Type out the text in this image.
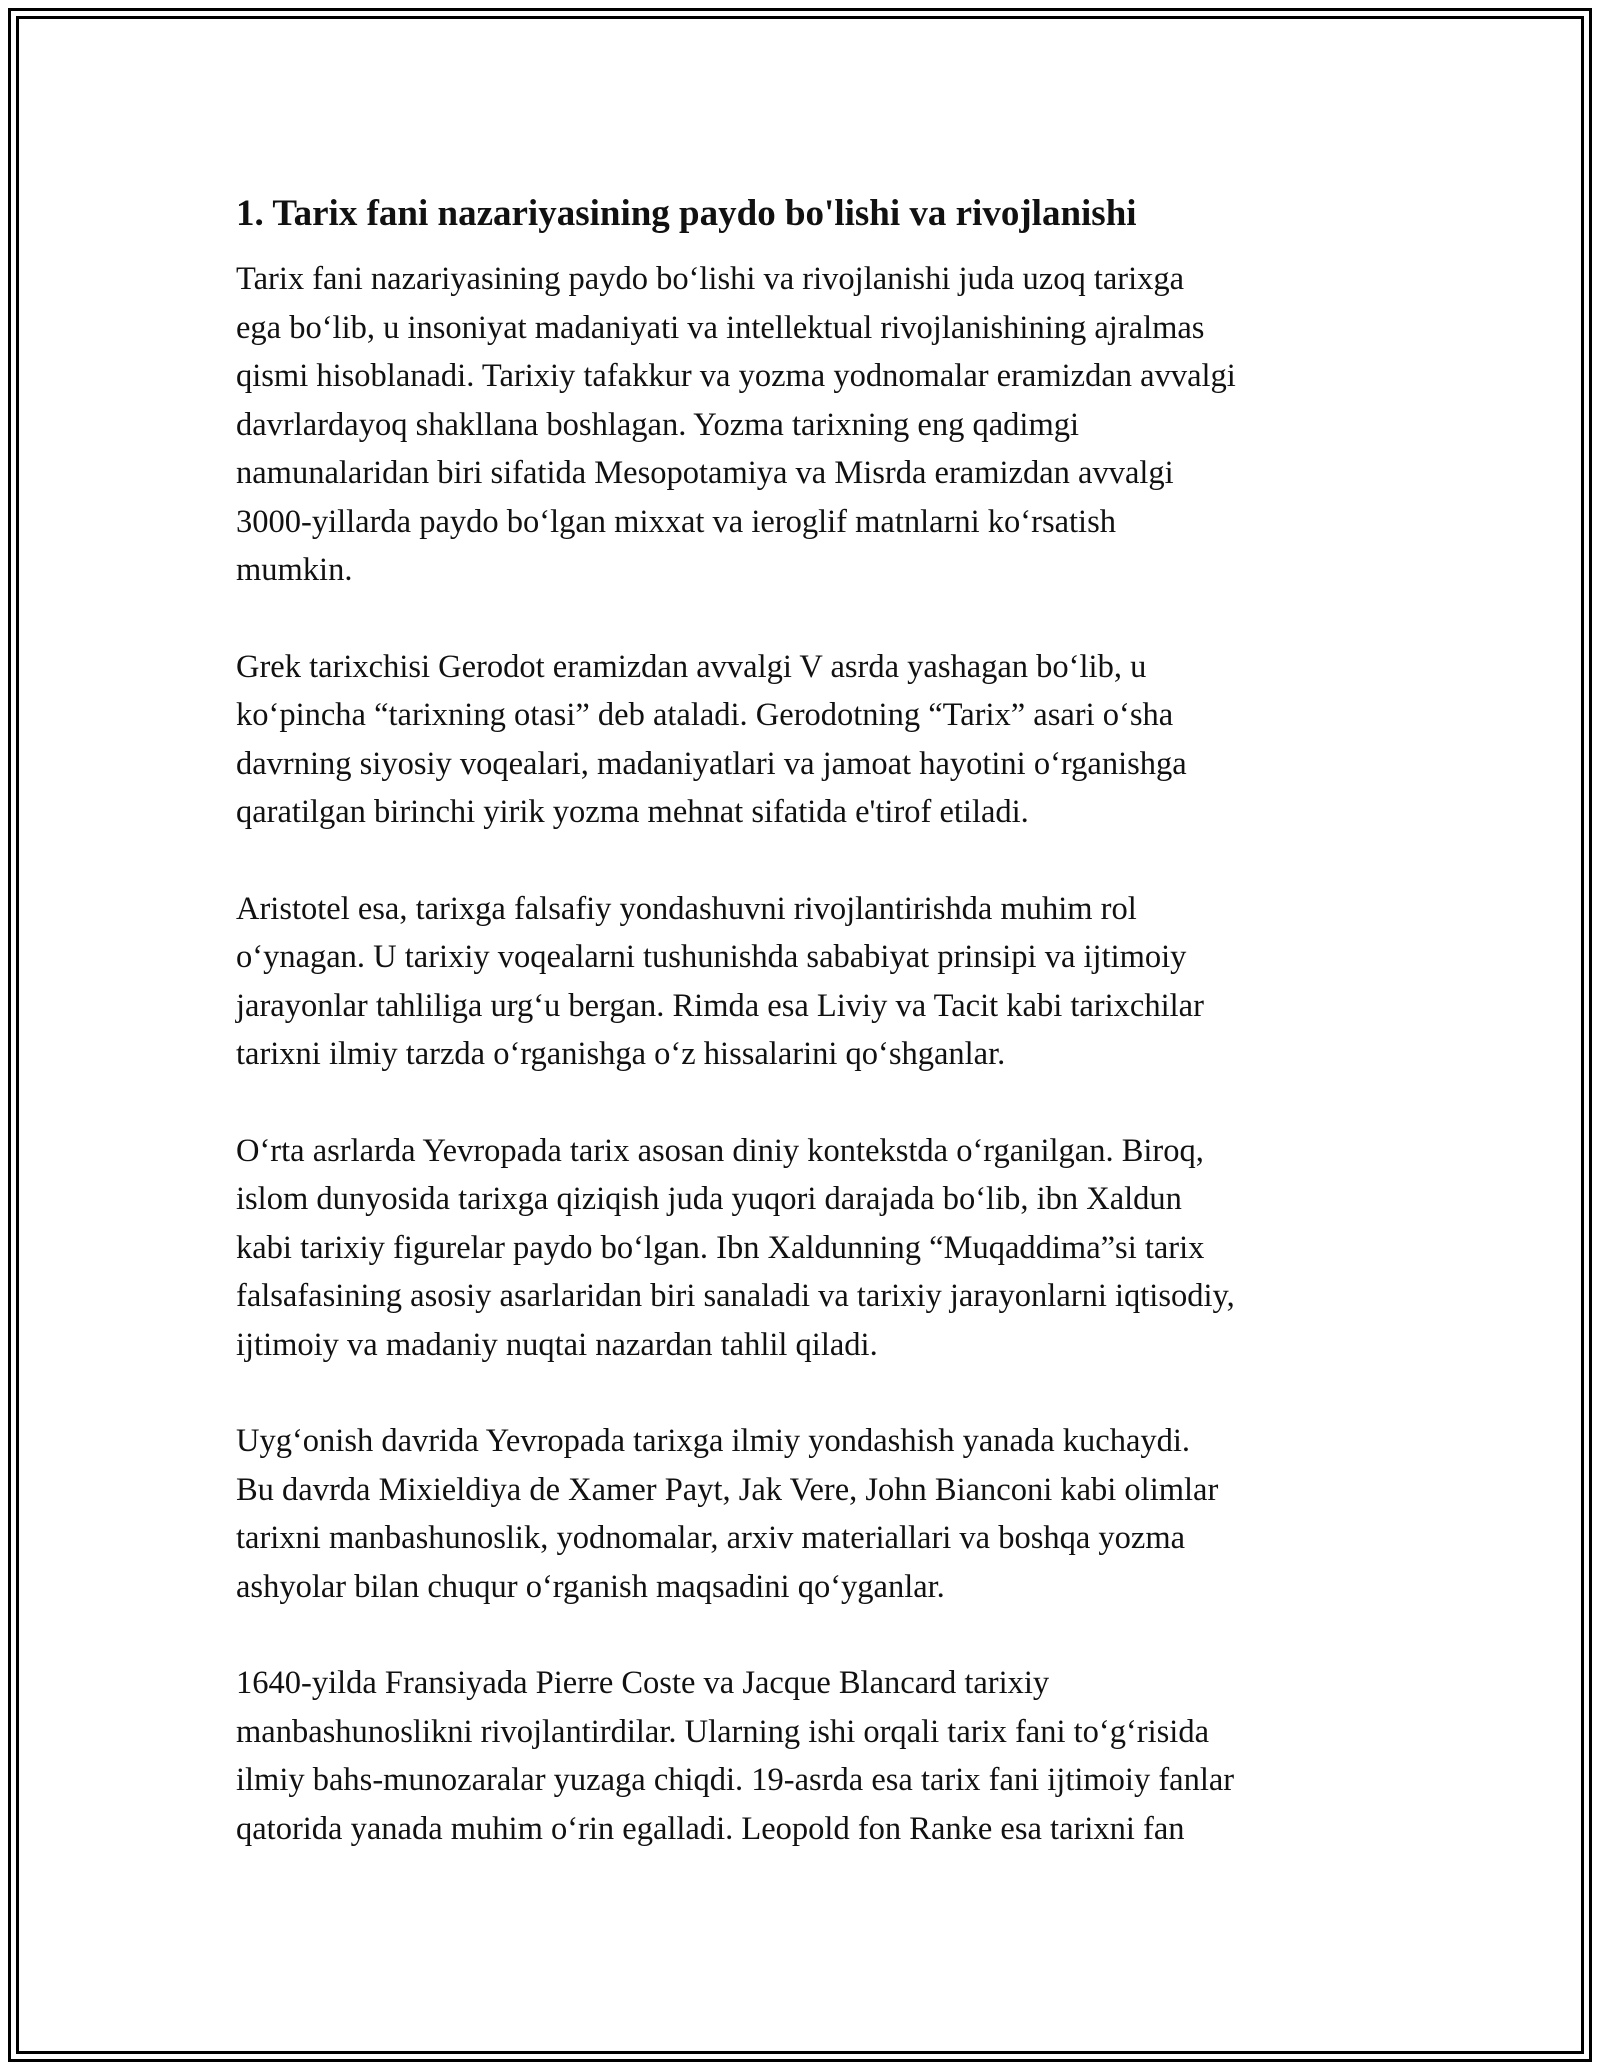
1. Tarix fani nazariyasining paydo bo'lishi va rivojlanishi
Tarix fani nazariyasining paydo bo‘lishi va rivojlanishi juda uzoq tarixga
ega bo‘lib, u insoniyat madaniyati va intellektual rivojlanishining ajralmas
qismi hisoblanadi. Tarixiy tafakkur va yozma yodnomalar eramizdan avvalgi
davrlardayoq shakllana boshlagan. Yozma tarixning eng qadimgi
namunalaridan biri sifatida Mesopotamiya va Misrda eramizdan avvalgi
3000-yillarda paydo bo‘lgan mixxat va ieroglif matnlarni ko‘rsatish
mumkin.
Grek tarixchisi Gerodot eramizdan avvalgi V asrda yashagan bo‘lib, u
ko‘pincha “tarixning otasi” deb ataladi. Gerodotning “Tarix” asari o‘sha
davrning siyosiy voqealari, madaniyatlari va jamoat hayotini o‘rganishga
qaratilgan birinchi yirik yozma mehnat sifatida e'tirof etiladi.
Aristotel esa, tarixga falsafiy yondashuvni rivojlantirishda muhim rol
o‘ynagan. U tarixiy voqealarni tushunishda sababiyat prinsipi va ijtimoiy
jarayonlar tahliliga urg‘u bergan. Rimda esa Liviy va Tacit kabi tarixchilar
tarixni ilmiy tarzda o‘rganishga o‘z hissalarini qo‘shganlar.
O‘rta asrlarda Yevropada tarix asosan diniy kontekstda o‘rganilgan. Biroq,
islom dunyosida tarixga qiziqish juda yuqori darajada bo‘lib, ibn Xaldun
kabi tarixiy figurelar paydo bo‘lgan. Ibn Xaldunning “Muqaddima”si tarix
falsafasining asosiy asarlaridan biri sanaladi va tarixiy jarayonlarni iqtisodiy,
ijtimoiy va madaniy nuqtai nazardan tahlil qiladi.
Uyg‘onish davrida Yevropada tarixga ilmiy yondashish yanada kuchaydi.
Bu davrda Mixieldiya de Xamer Payt, Jak Vere, John Bianconi kabi olimlar
tarixni manbashunoslik, yodnomalar, arxiv materiallari va boshqa yozma
ashyolar bilan chuqur o‘rganish maqsadini qo‘yganlar.
1640-yilda Fransiyada Pierre Coste va Jacque Blancard tarixiy
manbashunoslikni rivojlantirdilar. Ularning ishi orqali tarix fani to‘g‘risida
ilmiy bahs-munozaralar yuzaga chiqdi. 19-asrda esa tarix fani ijtimoiy fanlar
qatorida yanada muhim o‘rin egalladi. Leopold fon Ranke esa tarixni fan
